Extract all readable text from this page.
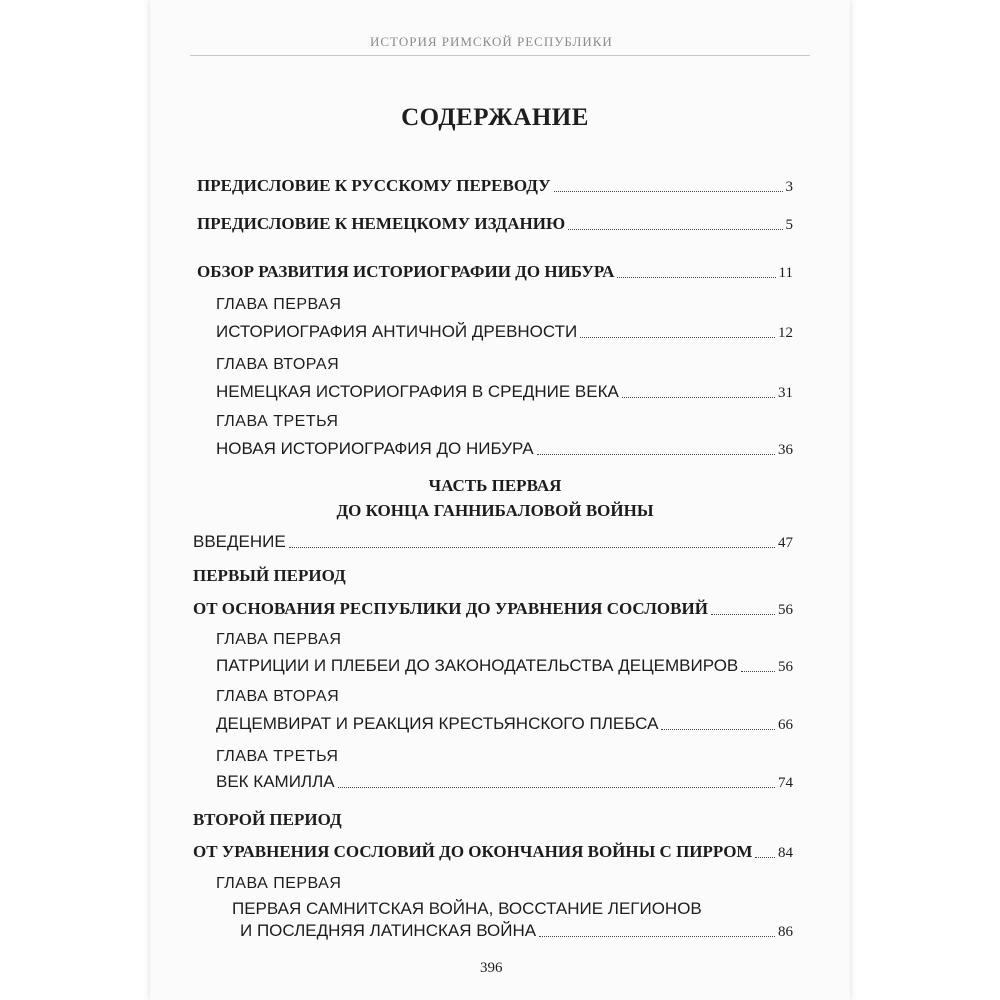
ИСТОРИЯ РИМСКОЙ РЕСПУБЛИКИ
СОДЕРЖАНИЕ
ПРЕДИСЛОВИЕ К РУССКОМУ ПЕРЕВОДУ	3
ПРЕДИСЛОВИЕ К НЕМЕЦКОМУ ИЗДАНИЮ	5
ОБЗОР РАЗВИТИЯ ИСТОРИОГРАФИИ ДО НИБУРА	11
ГЛАВА ПЕРВАЯ
ИСТОРИОГРАФИЯ АНТИЧНОЙ ДРЕВНОСТИ	12
ГЛАВА ВТОРАЯ
НЕМЕЦКАЯ ИСТОРИОГРАФИЯ В СРЕДНИЕ ВЕКА	31
ГЛАВА ТРЕТЬЯ
НОВАЯ ИСТОРИОГРАФИЯ ДО НИБУРА	36
ЧАСТЬ ПЕРВАЯ
ДО КОНЦА ГАННИБАЛОВОЙ ВОЙНЫ
ВВЕДЕНИЕ	47
ПЕРВЫЙ ПЕРИОД
ОТ ОСНОВАНИЯ РЕСПУБЛИКИ ДО УРАВНЕНИЯ СОСЛОВИЙ	56
ГЛАВА ПЕРВАЯ
ПАТРИЦИИ И ПЛЕБЕИ ДО ЗАКОНОДАТЕЛЬСТВА ДЕЦЕМВИРОВ	56
ГЛАВА ВТОРАЯ
ДЕЦЕМВИРАТ И РЕАКЦИЯ КРЕСТЬЯНСКОГО ПЛЕБСА	66
ГЛАВА ТРЕТЬЯ
ВЕК КАМИЛЛА	74
ВТОРОЙ ПЕРИОД
ОТ УРАВНЕНИЯ СОСЛОВИЙ ДО ОКОНЧАНИЯ ВОЙНЫ С ПИРРОМ 84
ГЛАВА ПЕРВАЯ
ПЕРВАЯ САМНИТСКАЯ ВОЙНА, ВОССТАНИЕ ЛЕГИОНОВ
И ПОСЛЕДНЯЯ ЛАТИНСКАЯ ВОЙНА	86
396
